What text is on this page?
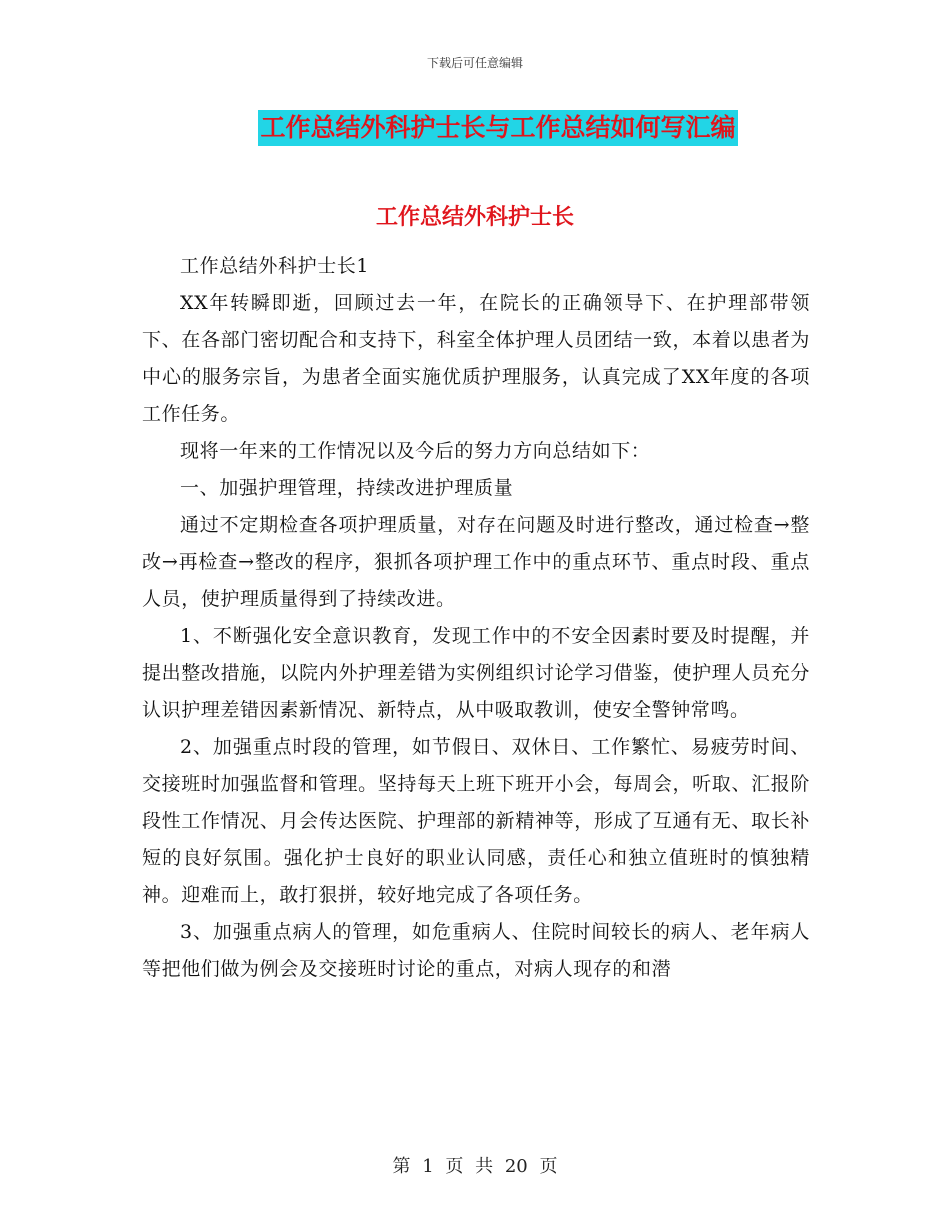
下载后可任意编辑
工作总结外科护士长与工作总结如何写汇编
工作总结外科护士长

工作总结外科护士长1

XX年转瞬即逝，回顾过去一年，在院长的正确领导下、在护理部带领下、在各部门密切配合和支持下，科室全体护理人员团结一致，本着以患者为中心的服务宗旨，为患者全面实施优质护理服务，认真完成了XX年度的各项工作任务。

现将一年来的工作情况以及今后的努力方向总结如下：

一、加强护理管理，持续改进护理质量

通过不定期检查各项护理质量，对存在问题及时进行整改，通过检查→整改→再检查→整改的程序，狠抓各项护理工作中的重点环节、重点时段、重点人员，使护理质量得到了持续改进。

1、不断强化安全意识教育，发现工作中的不安全因素时要及时提醒，并提出整改措施，以院内外护理差错为实例组织讨论学习借鉴，使护理人员充分认识护理差错因素新情况、新特点，从中吸取教训，使安全警钟常鸣。

2、加强重点时段的管理，如节假日、双休日、工作繁忙、易疲劳时间、交接班时加强监督和管理。坚持每天上班下班开小会，每周会，听取、汇报阶段性工作情况、月会传达医院、护理部的新精神等，形成了互通有无、取长补短的良好氛围。强化护士良好的职业认同感，责任心和独立值班时的慎独精神。迎难而上，敢打狠拼，较好地完成了各项任务。

3、加强重点病人的管理，如危重病人、住院时间较长的病人、老年病人等把他们做为例会及交接班时讨论的重点，对病人现存的和潜

第 1 页 共 20 页
